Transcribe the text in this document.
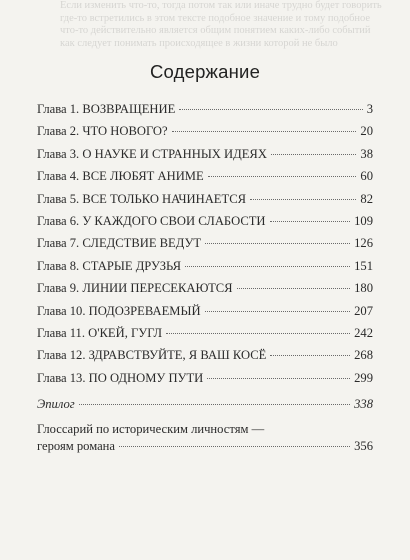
Если изменить что-то, тогда потом так или иначе трудно будет говорить
где-то встретились в этом тексте подобное значение и тому подобное
что-то действительно является общим понятием каких-либо событий
как следует понимать происходящее в жизни которой не было
Содержание
Глава 1. ВОЗВРАЩЕНИЕ	3
Глава 2. ЧТО НОВОГО?	20
Глава 3. О НАУКЕ И СТРАННЫХ ИДЕЯХ	38
Глава 4. ВСЕ ЛЮБЯТ АНИМЕ	60
Глава 5. ВСЕ ТОЛЬКО НАЧИНАЕТСЯ	82
Глава 6. У КАЖДОГО СВОИ СЛАБОСТИ	109
Глава 7. СЛЕДСТВИЕ ВЕДУТ	126
Глава 8. СТАРЫЕ ДРУЗЬЯ	151
Глава 9. ЛИНИИ ПЕРЕСЕКАЮТСЯ	180
Глава 10. ПОДОЗРЕВАЕМЫЙ	207
Глава 11. О'КЕЙ, ГУГЛ	242
Глава 12. ЗДРАВСТВУЙТЕ, Я ВАШ КОСЁ	268
Глава 13. ПО ОДНОМУ ПУТИ	299
Эпилог	338
Глоссарий по историческим личностям —
героям романа	356
